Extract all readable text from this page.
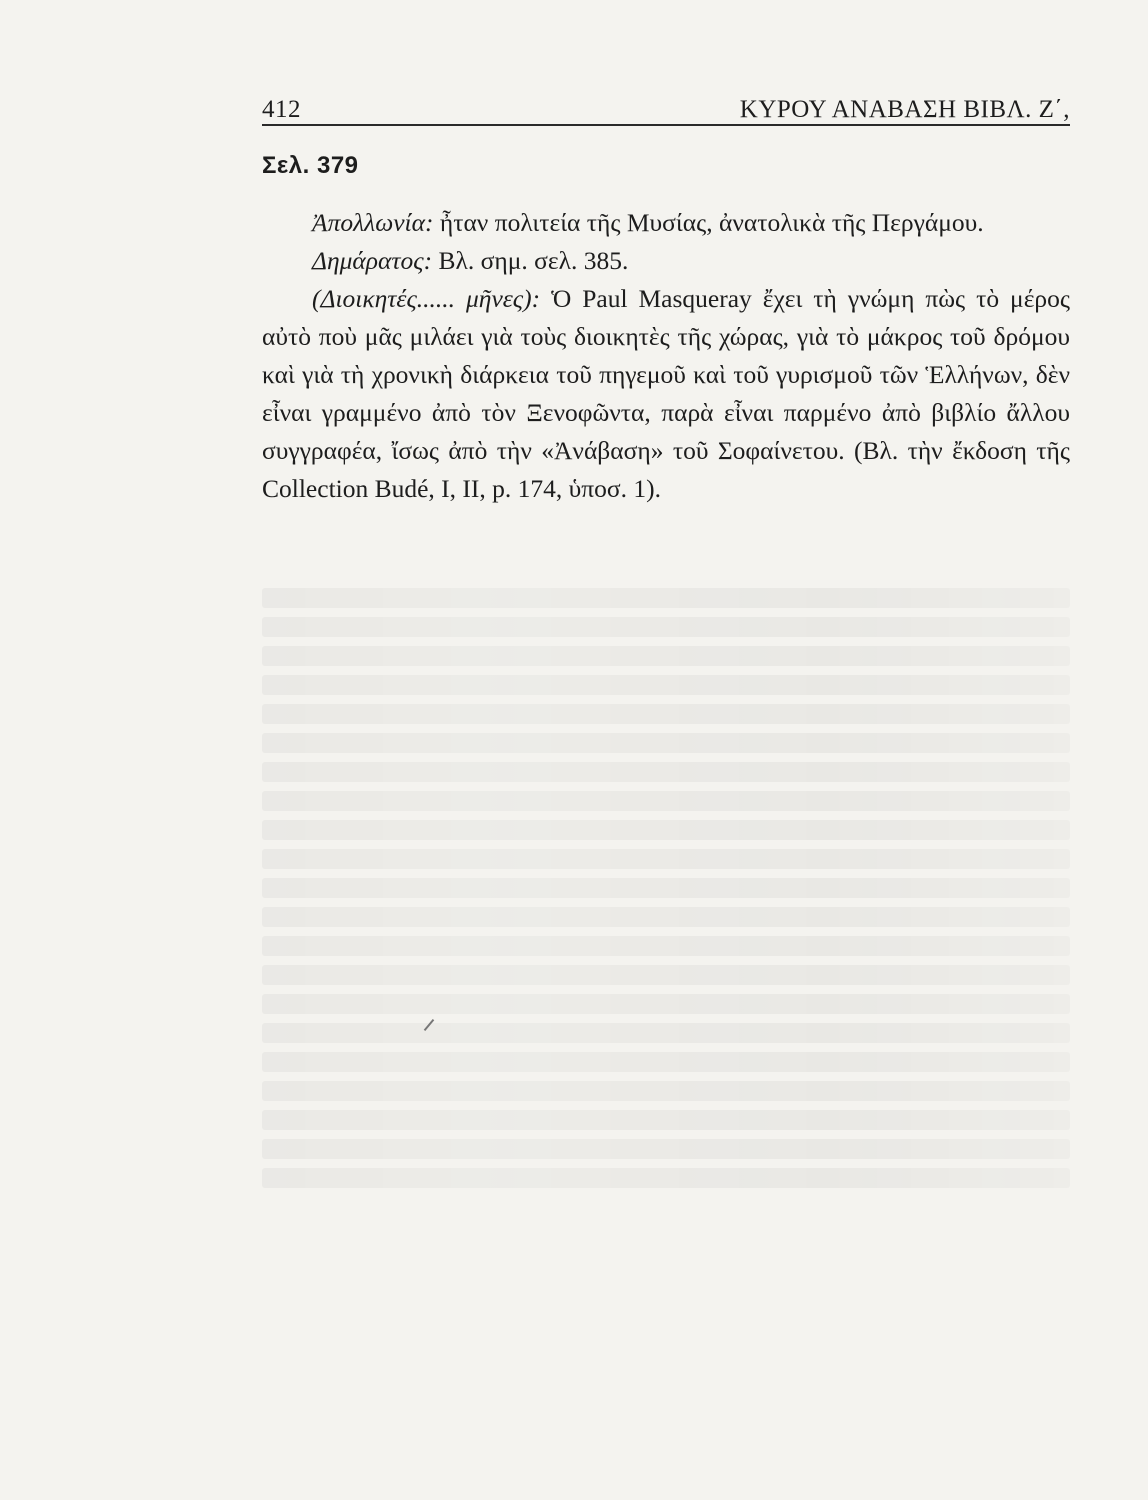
412	ΚΥΡΟΥ ΑΝΑΒΑΣΗ ΒΙΒΛ. Ζ΄,
Σελ. 379

Ἀπολλωνία: ἦταν πολιτεία τῆς Μυσίας, ἀνατολικὰ τῆς Περγάμου.

Δημάρατος: Βλ. σημ. σελ. 385.

(Διοικητές...... μῆνες): Ὁ Paul Masqueray ἔχει τὴ γνώμη πὼς τὸ μέρος αὐτὸ ποὺ μᾶς μιλάει γιὰ τοὺς διοικητὲς τῆς χώρας, γιὰ τὸ μάκρος τοῦ δρόμου καὶ γιὰ τὴ χρονικὴ διάρκεια τοῦ πηγεμοῦ καὶ τοῦ γυρισμοῦ τῶν Ἑλλήνων, δὲν εἶναι γραμμένο ἀπὸ τὸν Ξενοφῶντα, παρὰ εἶναι παρμένο ἀπὸ βιβλίο ἄλλου συγγραφέα, ἴσως ἀπὸ τὴν «Ἀνάβαση» τοῦ Σοφαίνετου. (Βλ. τὴν ἔκδοση τῆς Collection Budé, I, II, p. 174, ὑποσ. 1).
